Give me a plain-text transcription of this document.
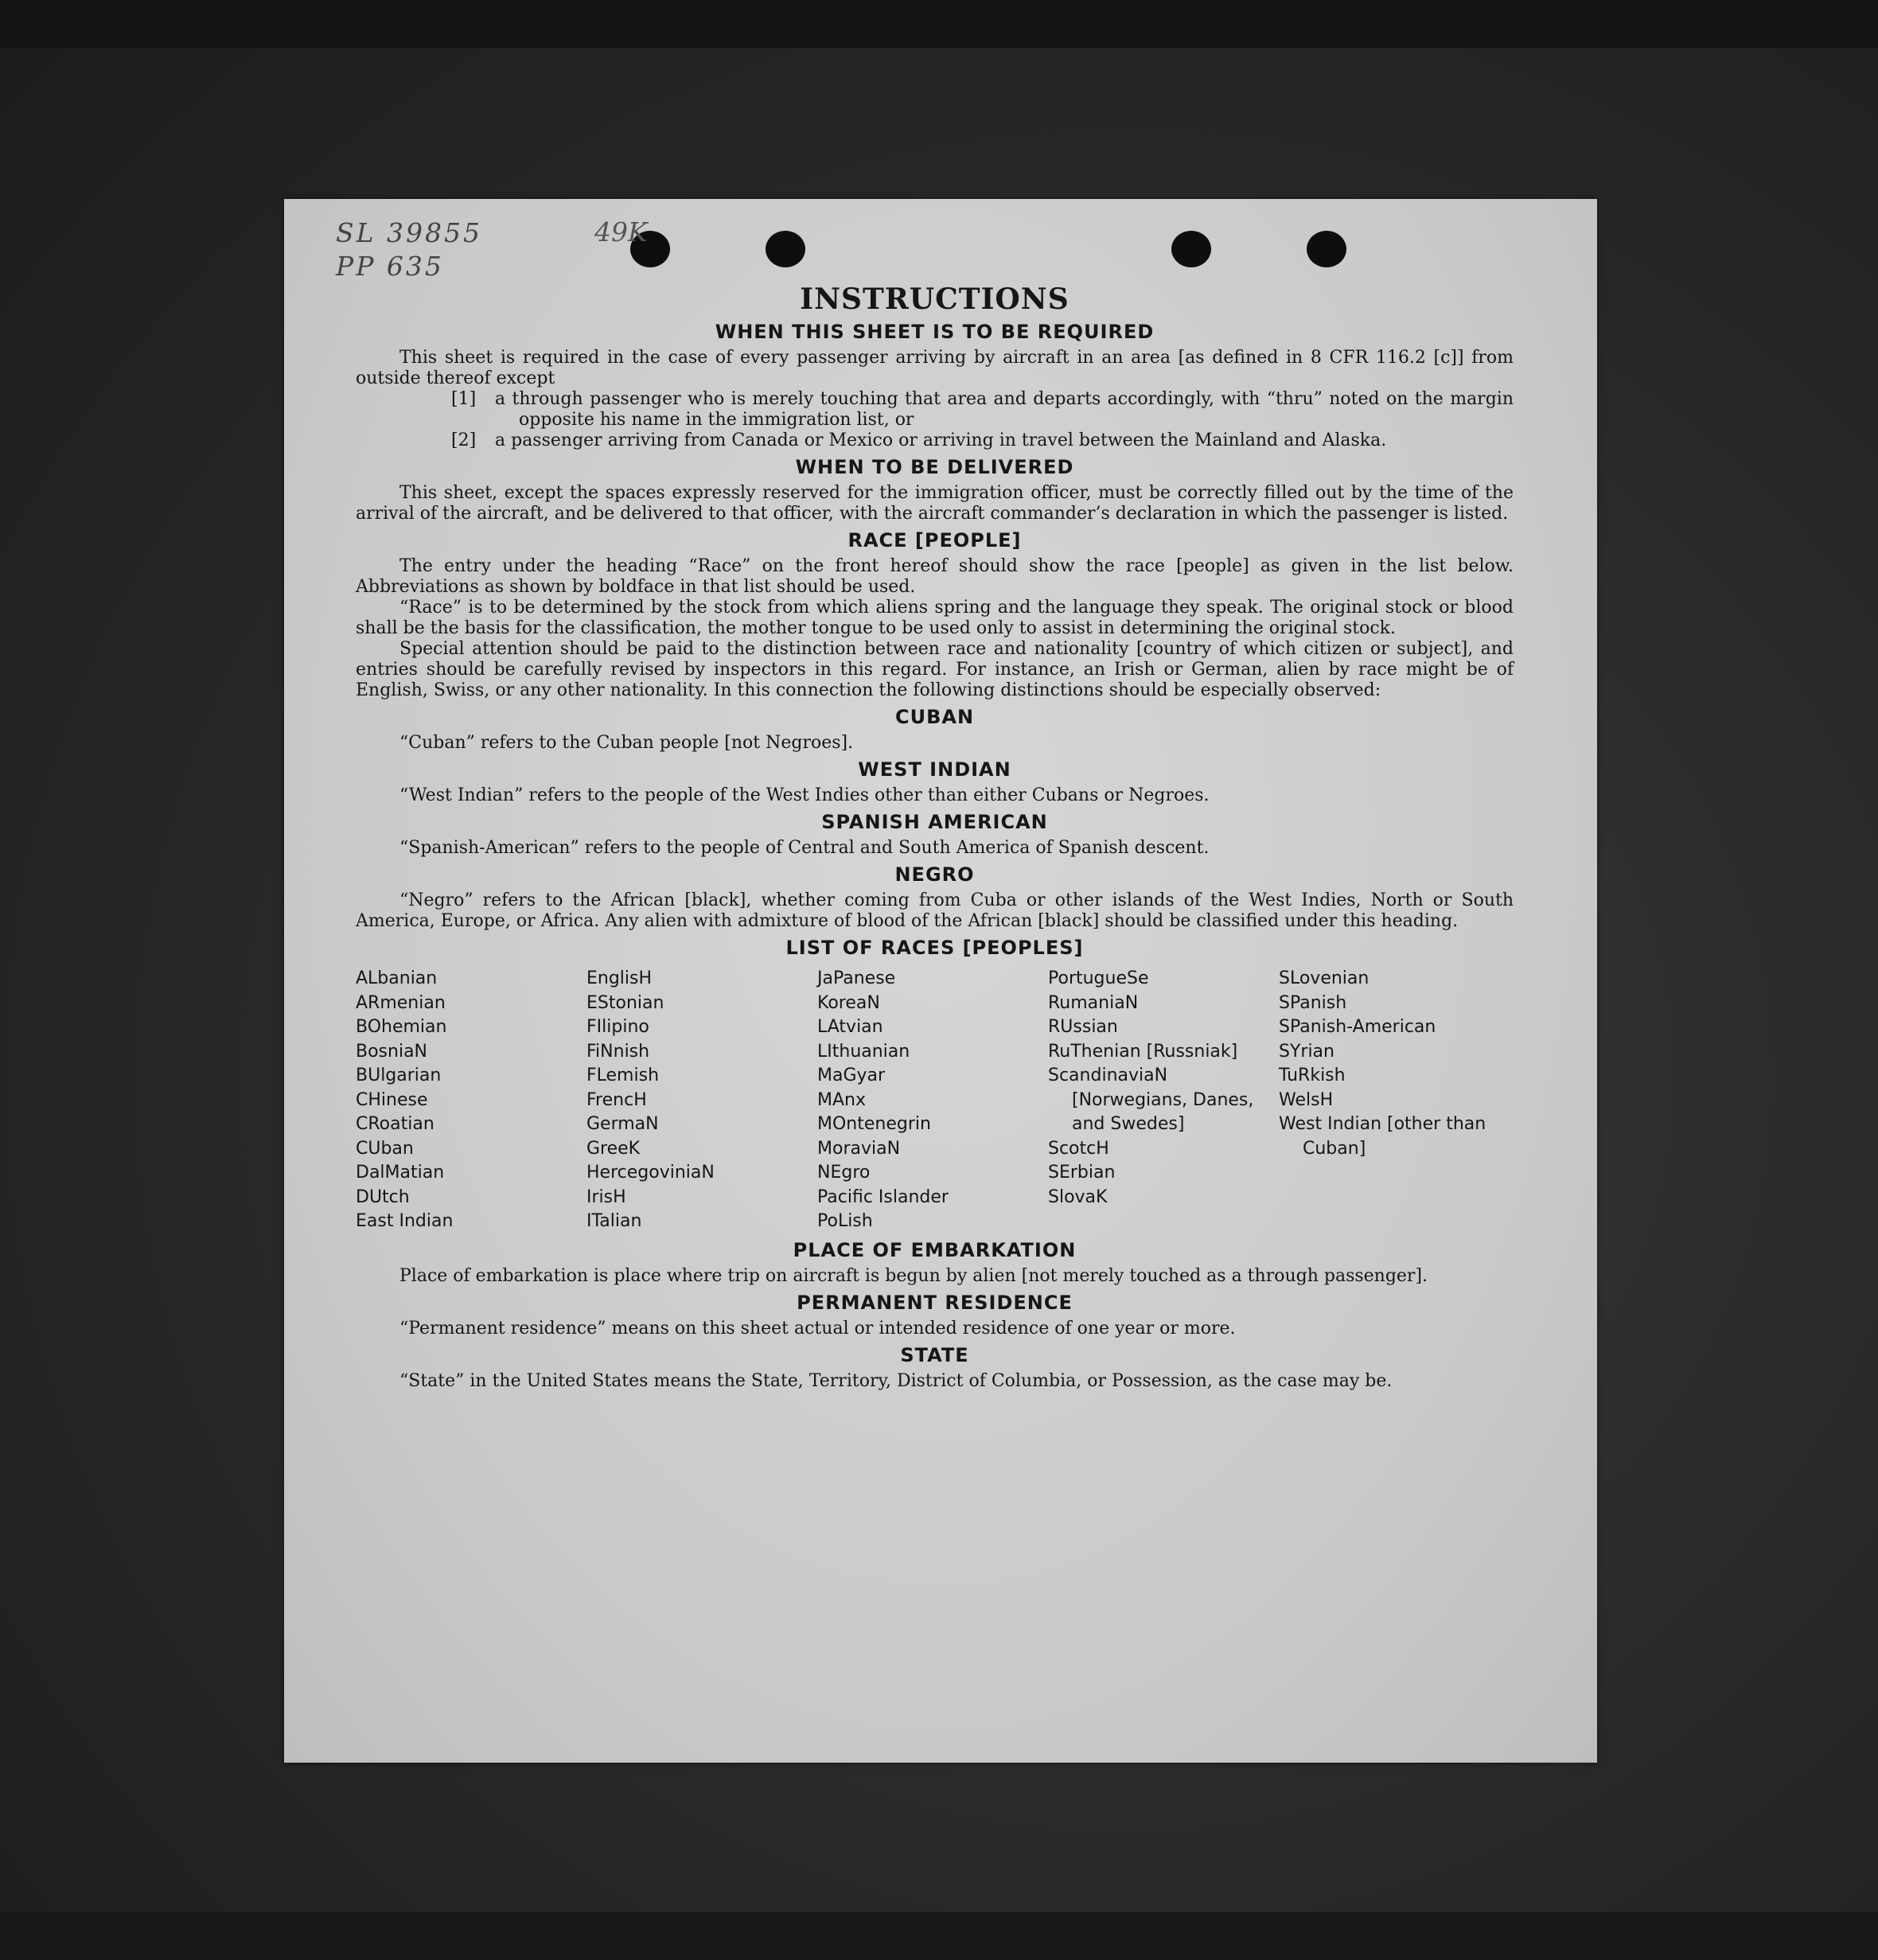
SL 39855
PP 635
49K
INSTRUCTIONS
WHEN THIS SHEET IS TO BE REQUIRED

This sheet is required in the case of every passenger arriving by aircraft in an area [as defined in 8 CFR 116.2 [c]] from outside thereof except

[1] a through passenger who is merely touching that area and departs accordingly, with “thru” noted on the margin opposite his name in the immigration list, or
[2] a passenger arriving from Canada or Mexico or arriving in travel between the Mainland and Alaska.
WHEN TO BE DELIVERED

This sheet, except the spaces expressly reserved for the immigration officer, must be correctly filled out by the time of the arrival of the aircraft, and be delivered to that officer, with the aircraft commander’s declaration in which the passenger is listed.

RACE [PEOPLE]

The entry under the heading “Race” on the front hereof should show the race [people] as given in the list below. Abbreviations as shown by boldface in that list should be used.

“Race” is to be determined by the stock from which aliens spring and the language they speak. The original stock or blood shall be the basis for the classification, the mother tongue to be used only to assist in determining the original stock.

Special attention should be paid to the distinction between race and nationality [country of which citizen or subject], and entries should be carefully revised by inspectors in this regard. For instance, an Irish or German, alien by race might be of English, Swiss, or any other nationality. In this connection the following distinctions should be especially observed:

CUBAN

“Cuban” refers to the Cuban people [not Negroes].

WEST INDIAN

“West Indian” refers to the people of the West Indies other than either Cubans or Negroes.

SPANISH AMERICAN

“Spanish-American” refers to the people of Central and South America of Spanish descent.

NEGRO

“Negro” refers to the African [black], whether coming from Cuba or other islands of the West Indies, North or South America, Europe, or Africa. Any alien with admixture of blood of the African [black] should be classified under this heading.

LIST OF RACES [PEOPLES]
ALbanian
ARmenian
BOhemian
BosniaN
BUlgarian
CHinese
CRoatian
CUban
DalMatian
DUtch
East Indian
EnglisH
EStonian
FIlipino
FiNnish
FLemish
FrencH
GermaN
GreeK
HercegoviniaN
IrisH
ITalian
JaPanese
KoreaN
LAtvian
LIthuanian
MaGyar
MAnx
MOntenegrin
MoraviaN
NEgro
Pacific Islander
PoLish
PortugueSe
RumaniaN
RUssian
RuThenian [Russniak]
ScandinaviaN [Norwegians, Danes, and Swedes]
ScotcH
SErbian
SlovaK
SLovenian
SPanish
SPanish-American
SYrian
TuRkish
WelsH
West Indian [other than Cuban]
PLACE OF EMBARKATION

Place of embarkation is place where trip on aircraft is begun by alien [not merely touched as a through passenger].

PERMANENT RESIDENCE

“Permanent residence” means on this sheet actual or intended residence of one year or more.

STATE

“State” in the United States means the State, Territory, District of Columbia, or Possession, as the case may be.
